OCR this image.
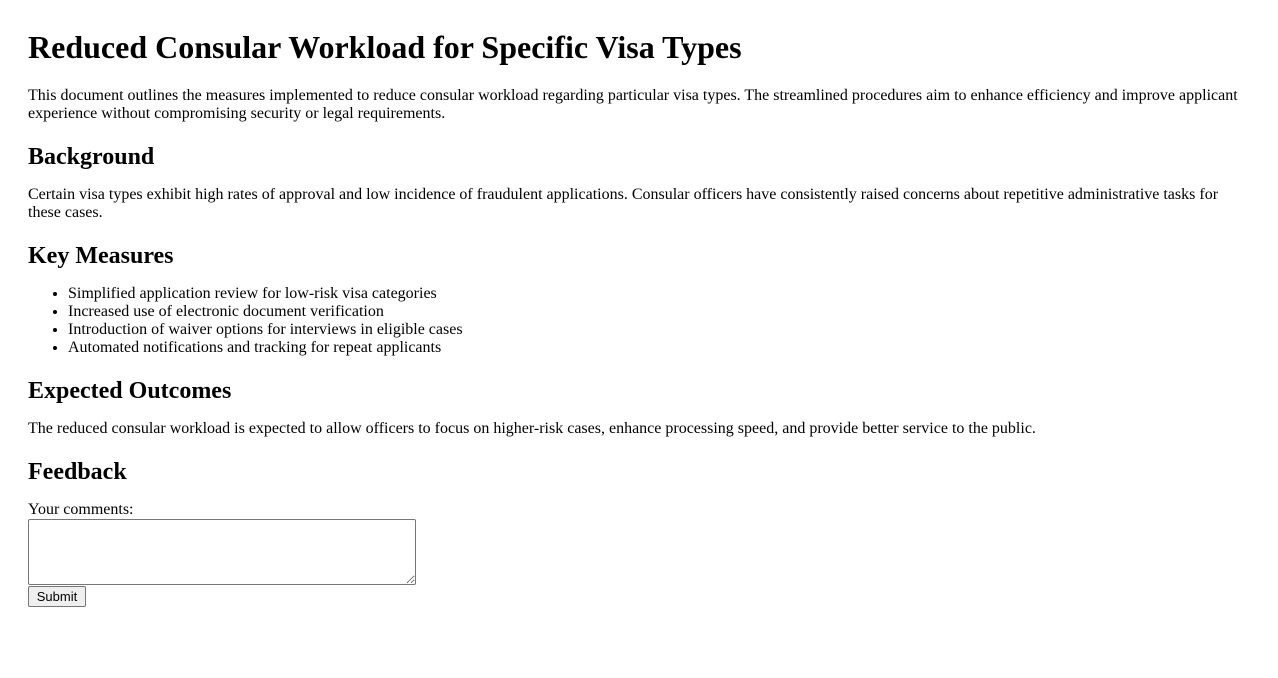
Reduced Consular Workload for Specific Visa Types

This document outlines the measures implemented to reduce consular workload regarding particular visa types. The streamlined procedures aim to enhance efficiency and improve applicant experience without compromising security or legal requirements.

Background

Certain visa types exhibit high rates of approval and low incidence of fraudulent applications. Consular officers have consistently raised concerns about repetitive administrative tasks for these cases.

Key Measures
• Simplified application review for low-risk visa categories
• Increased use of electronic document verification
• Introduction of waiver options for interviews in eligible cases
• Automated notifications and tracking for repeat applicants
Expected Outcomes

The reduced consular workload is expected to allow officers to focus on higher-risk cases, enhance processing speed, and provide better service to the public.

Feedback
Your comments:
Submit
